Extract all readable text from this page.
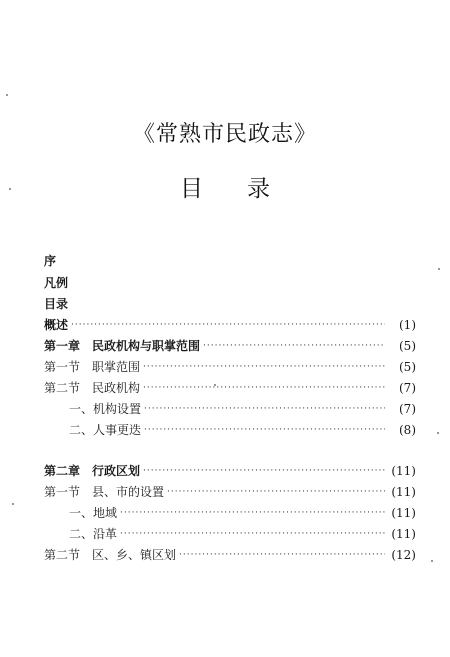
《常熟市民政志》
目 录
序
凡例
目录
概述 ·····	(1)
第一章　民政机构与职掌范围 ·····	(5)
第一节　职掌范围 ·····	(5)
第二节　民政机构 ·····	(7)
一、机构设置 ·····	(7)
二、人事更迭 ·····	(8)
第二章　行政区划 ·····	(11)
第一节　县、市的设置 ·····	(11)
一、地域 ·····	(11)
二、沿革 ·····	(11)
第二节　区、乡、镇区划 ·····	(12)
